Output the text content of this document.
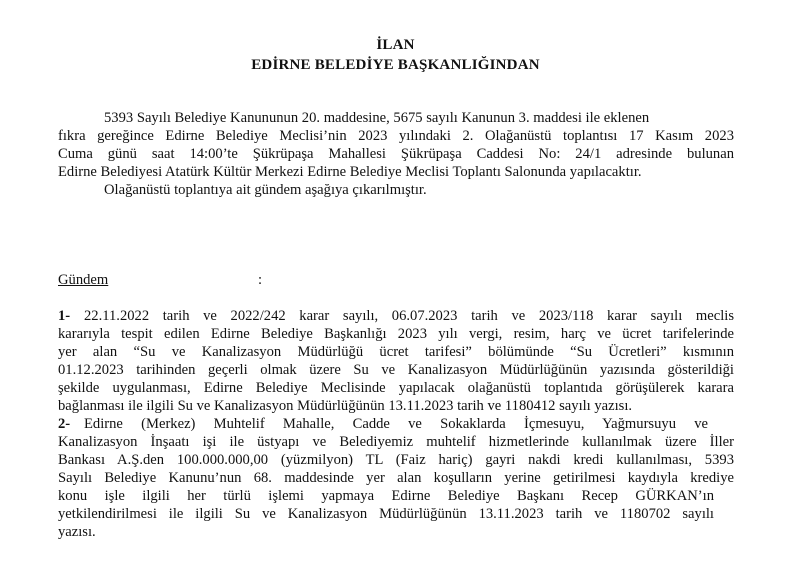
İLAN
EDİRNE BELEDİYE BAŞKANLIĞINDAN
5393 Sayılı Belediye Kanununun 20. maddesine, 5675 sayılı Kanunun 3. maddesi ile eklenen
fıkra gereğince Edirne Belediye Meclisi’nin 2023 yılındaki 2. Olağanüstü toplantısı 17 Kasım 2023
Cuma günü saat 14:00’te Şükrüpaşa Mahallesi Şükrüpaşa Caddesi No: 24/1 adresinde bulunan
Edirne Belediyesi Atatürk Kültür Merkezi Edirne Belediye Meclisi Toplantı Salonunda yapılacaktır.
Olağanüstü toplantıya ait gündem aşağıya çıkarılmıştır.
Gündem	:
1- 22.11.2022 tarih ve 2022/242 karar sayılı, 06.07.2023 tarih ve 2023/118 karar sayılı meclis
kararıyla tespit edilen Edirne Belediye Başkanlığı 2023 yılı vergi, resim, harç ve ücret tarifelerinde
yer alan “Su ve Kanalizasyon Müdürlüğü ücret tarifesi” bölümünde “Su Ücretleri” kısmının
01.12.2023 tarihinden geçerli olmak üzere Su ve Kanalizasyon Müdürlüğünün yazısında gösterildiği
şekilde uygulanması, Edirne Belediye Meclisinde yapılacak olağanüstü toplantıda görüşülerek karara
bağlanması ile ilgili Su ve Kanalizasyon Müdürlüğünün 13.11.2023 tarih ve 1180412 sayılı yazısı.
2- Edirne (Merkez) Muhtelif Mahalle, Cadde ve Sokaklarda İçmesuyu, Yağmursuyu ve
Kanalizasyon İnşaatı işi ile üstyapı ve Belediyemiz muhtelif hizmetlerinde kullanılmak üzere İller
Bankası A.Ş.den 100.000.000,00 (yüzmilyon) TL (Faiz hariç) gayri nakdi kredi kullanılması, 5393
Sayılı Belediye Kanunu’nun 68. maddesinde yer alan koşulların yerine getirilmesi kaydıyla krediye
konu işle ilgili her türlü işlemi yapmaya Edirne Belediye Başkanı Recep GÜRKAN’ın
yetkilendirilmesi ile ilgili Su ve Kanalizasyon Müdürlüğünün 13.11.2023 tarih ve 1180702 sayılı
yazısı.
